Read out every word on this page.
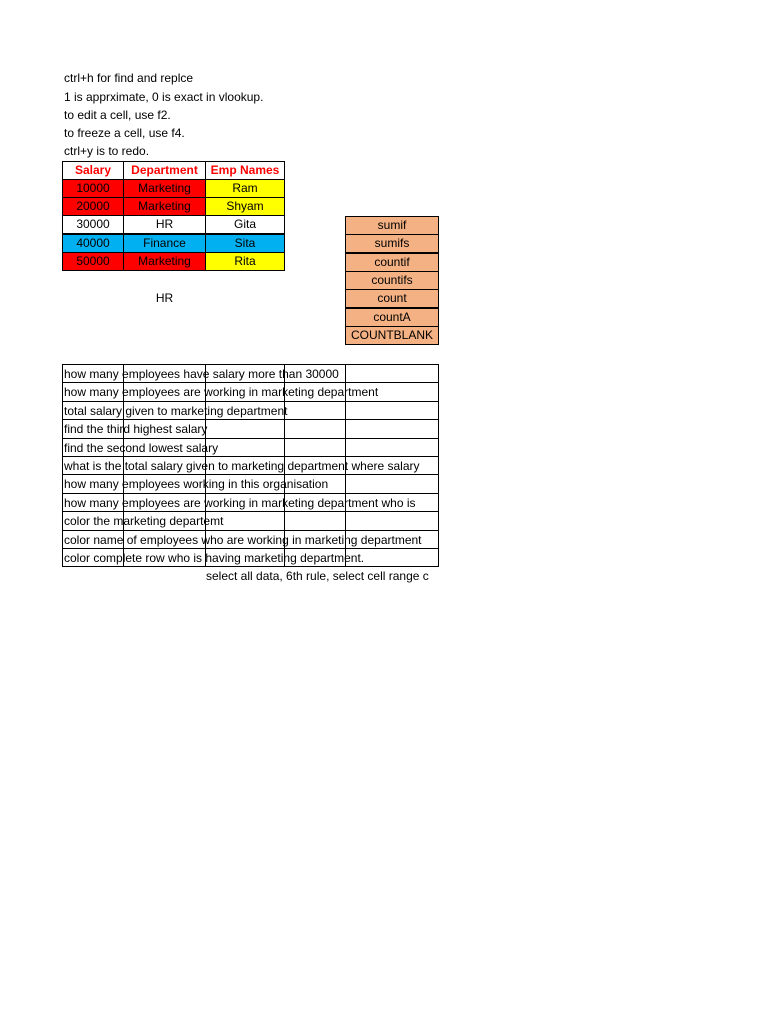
ctrl+h for find and replce
1 is apprximate, 0 is exact in vlookup.
to edit a cell, use f2.
to freeze a cell, use f4.
ctrl+y is to redo.
Salary	Department	Emp Names
10000	Marketing	Ram
20000	Marketing	Shyam
30000	HR	Gita
40000	Finance	Sita
50000	Marketing	Rita
HR
sumif
sumifs
countif
countifs
count
countA
COUNTBLANK
how many employees have salary more than 30000
how many employees are working in marketing department
total salary given to marketing department
find the third highest salary
find the second lowest salary
what is the total salary given to marketing department where salary
how many employees working in this organisation
how many employees are working in marketing department who is
color the marketing departemt
color name of employees who are working in marketing department
color complete row who is having marketing department.
select all data, 6th rule, select cell range c
